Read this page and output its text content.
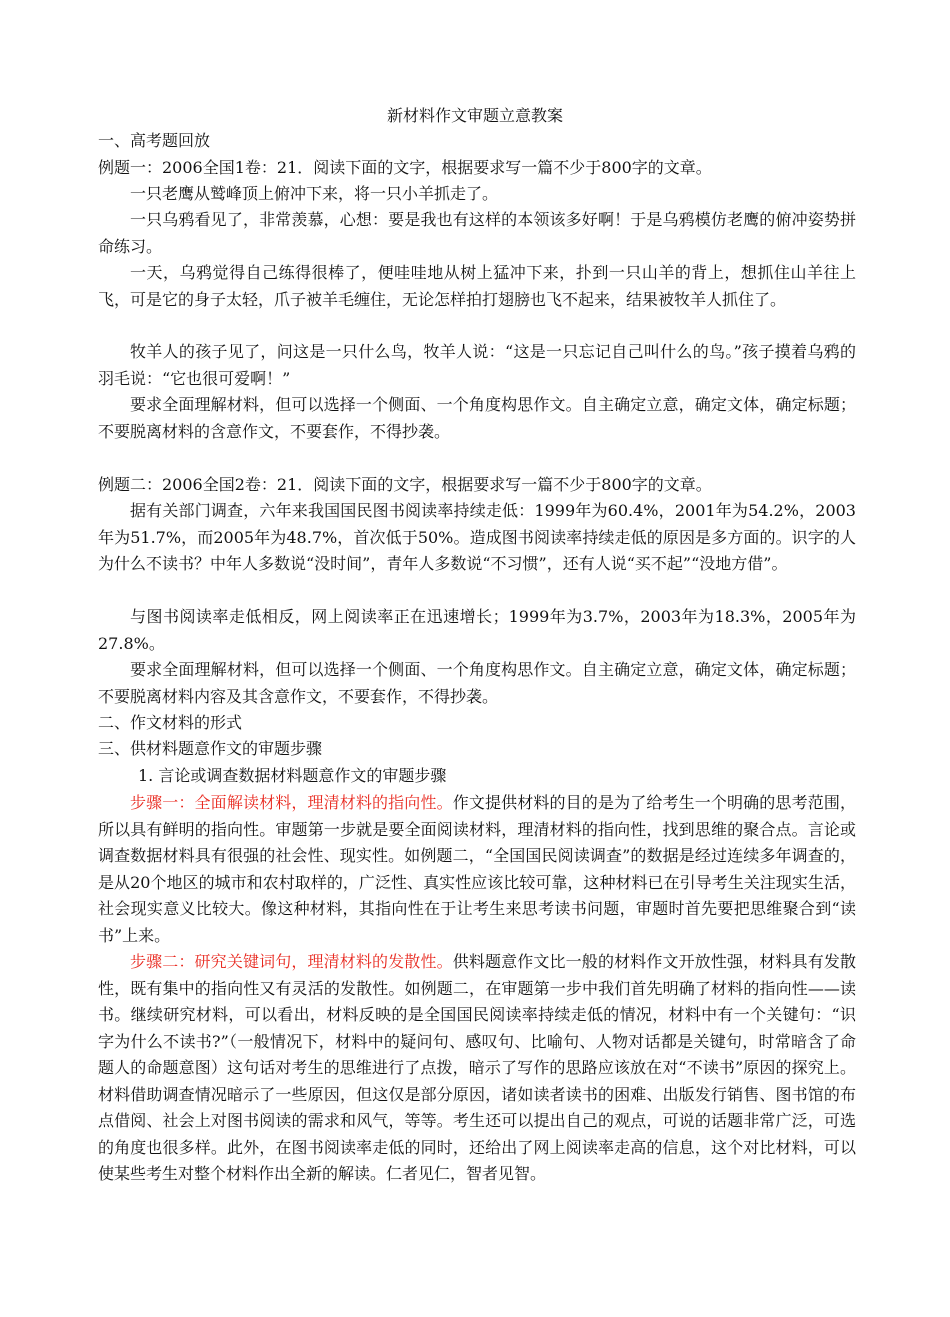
新材料作文审题立意教案
一、高考题回放
例题一：2006全国1卷：21．阅读下面的文字，根据要求写一篇不少于800字的文章。
一只老鹰从鹫峰顶上俯冲下来，将一只小羊抓走了。
一只乌鸦看见了，非常羡慕，心想：要是我也有这样的本领该多好啊！于是乌鸦模仿老鹰的俯冲姿势拼命练习。
一天，乌鸦觉得自己练得很棒了，便哇哇地从树上猛冲下来，扑到一只山羊的背上，想抓住山羊往上飞，可是它的身子太轻，爪子被羊毛缠住，无论怎样拍打翅膀也飞不起来，结果被牧羊人抓住了。
牧羊人的孩子见了，问这是一只什么鸟，牧羊人说：“这是一只忘记自己叫什么的鸟。”孩子摸着乌鸦的羽毛说：“它也很可爱啊！”
要求全面理解材料，但可以选择一个侧面、一个角度构思作文。自主确定立意，确定文体，确定标题；不要脱离材料的含意作文，不要套作，不得抄袭。
例题二：2006全国2卷：21．阅读下面的文字，根据要求写一篇不少于800字的文章。
据有关部门调查，六年来我国国民图书阅读率持续走低：1999年为60.4%，2001年为54.2%，2003年为51.7%，而2005年为48.7%，首次低于50%。造成图书阅读率持续走低的原因是多方面的。识字的人为什么不读书？中年人多数说“没时间”，青年人多数说“不习惯”，还有人说“买不起”“没地方借”。
与图书阅读率走低相反，网上阅读率正在迅速增长；1999年为3.7%，2003年为18.3%，2005年为27.8%。
要求全面理解材料，但可以选择一个侧面、一个角度构思作文。自主确定立意，确定文体，确定标题；不要脱离材料内容及其含意作文，不要套作，不得抄袭。
二、作文材料的形式
三、供材料题意作文的审题步骤
1. 言论或调查数据材料题意作文的审题步骤
步骤一：全面解读材料，理清材料的指向性。作文提供材料的目的是为了给考生一个明确的思考范围，所以具有鲜明的指向性。审题第一步就是要全面阅读材料，理清材料的指向性，找到思维的聚合点。言论或调查数据材料具有很强的社会性、现实性。如例题二，“全国国民阅读调查”的数据是经过连续多年调查的，是从20个地区的城市和农村取样的，广泛性、真实性应该比较可靠，这种材料已在引导考生关注现实生活，社会现实意义比较大。像这种材料，其指向性在于让考生来思考读书问题，审题时首先要把思维聚合到“读书”上来。
步骤二：研究关键词句，理清材料的发散性。供料题意作文比一般的材料作文开放性强，材料具有发散性，既有集中的指向性又有灵活的发散性。如例题二，在审题第一步中我们首先明确了材料的指向性——读书。继续研究材料，可以看出，材料反映的是全国国民阅读率持续走低的情况，材料中有一个关键句：“识字为什么不读书?”（一般情况下，材料中的疑问句、感叹句、比喻句、人物对话都是关键句，时常暗含了命题人的命题意图）这句话对考生的思维进行了点拨，暗示了写作的思路应该放在对“不读书”原因的探究上。材料借助调查情况暗示了一些原因，但这仅是部分原因，诸如读者读书的困难、出版发行销售、图书馆的布点借阅、社会上对图书阅读的需求和风气，等等。考生还可以提出自己的观点，可说的话题非常广泛，可选的角度也很多样。此外，在图书阅读率走低的同时，还给出了网上阅读率走高的信息，这个对比材料，可以使某些考生对整个材料作出全新的解读。仁者见仁，智者见智。
